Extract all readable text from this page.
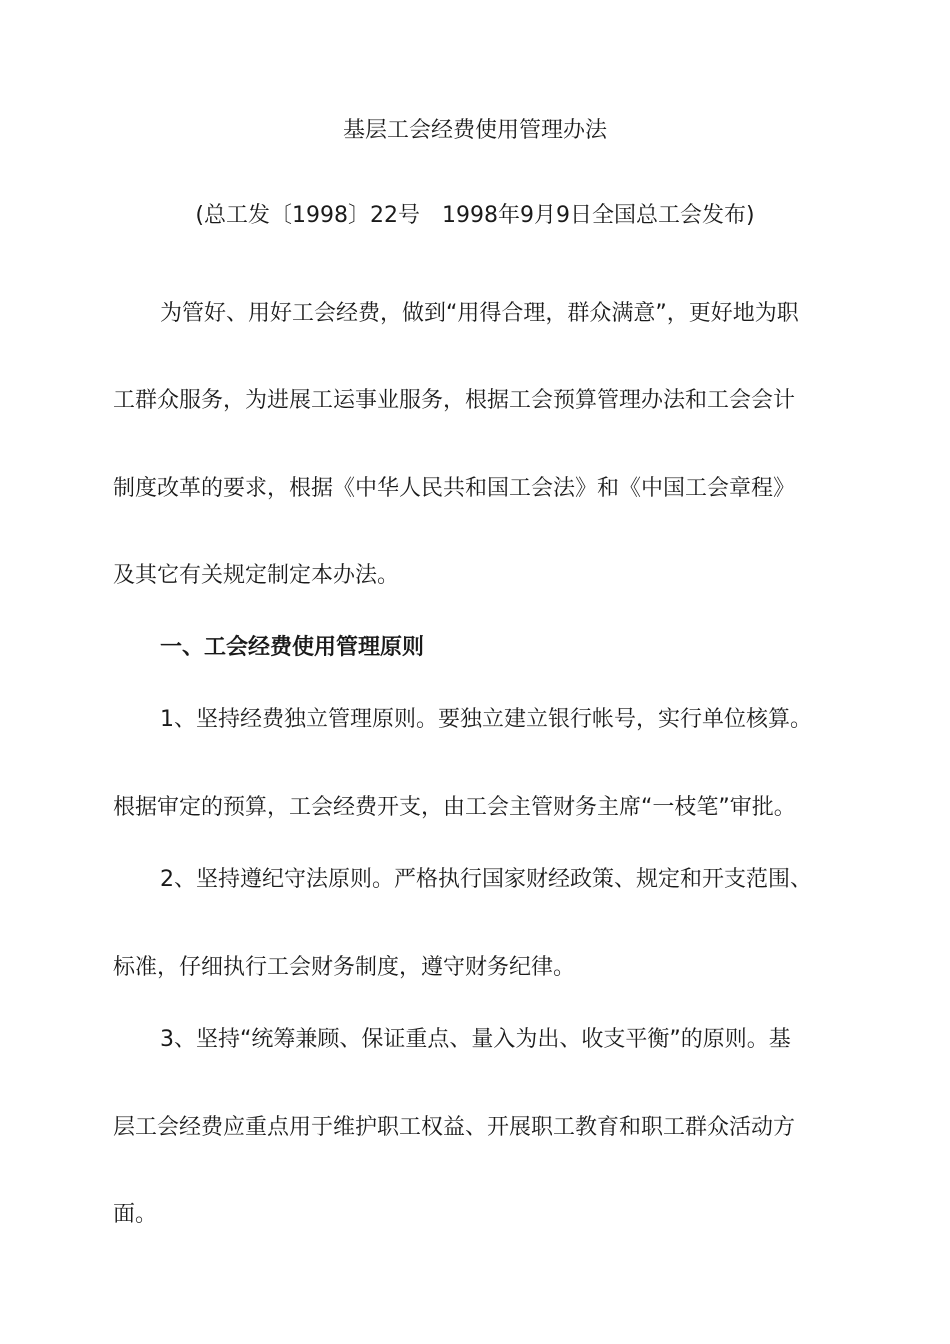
基层工会经费使用管理办法
(总工发〔1998〕22号　1998年9月9日全国总工会发布)
为管好、用好工会经费，做到“用得合理，群众满意”，更好地为职
工群众服务，为进展工运事业服务，根据工会预算管理办法和工会会计
制度改革的要求，根据《中华人民共和国工会法》和《中国工会章程》
及其它有关规定制定本办法。
一、工会经费使用管理原则
1、坚持经费独立管理原则。要独立建立银行帐号，实行单位核算。
根据审定的预算，工会经费开支，由工会主管财务主席“一枝笔”审批。
2、坚持遵纪守法原则。严格执行国家财经政策、规定和开支范围、
标准，仔细执行工会财务制度，遵守财务纪律。
3、坚持“统筹兼顾、保证重点、量入为出、收支平衡”的原则。基
层工会经费应重点用于维护职工权益、开展职工教育和职工群众活动方
面。
